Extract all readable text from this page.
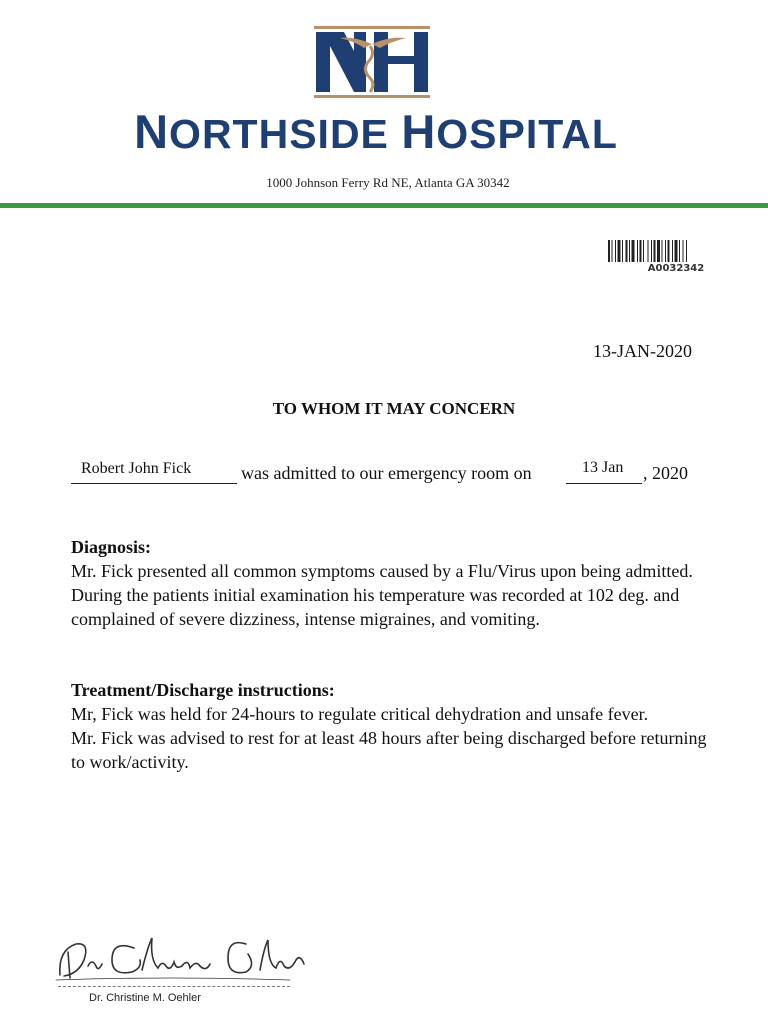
NORTHSIDE HOSPITAL
1000 Johnson Ferry Rd NE, Atlanta GA 30342
A0032342
13-JAN-2020
TO WHOM IT MAY CONCERN
Robert John Fick	was admitted to our emergency room on	13 Jan , 2020
Diagnosis:

Mr. Fick presented all common symptoms caused by a Flu/Virus upon being admitted. During the patients initial examination his temperature was recorded at 102 deg. and complained of severe dizziness, intense migraines, and vomiting.

Treatment/Discharge instructions:

Mr, Fick was held for 24-hours to regulate critical dehydration and unsafe fever.

Mr. Fick was advised to rest for at least 48 hours after being discharged before returning to work/activity.

Dr. Christine M. Oehler
